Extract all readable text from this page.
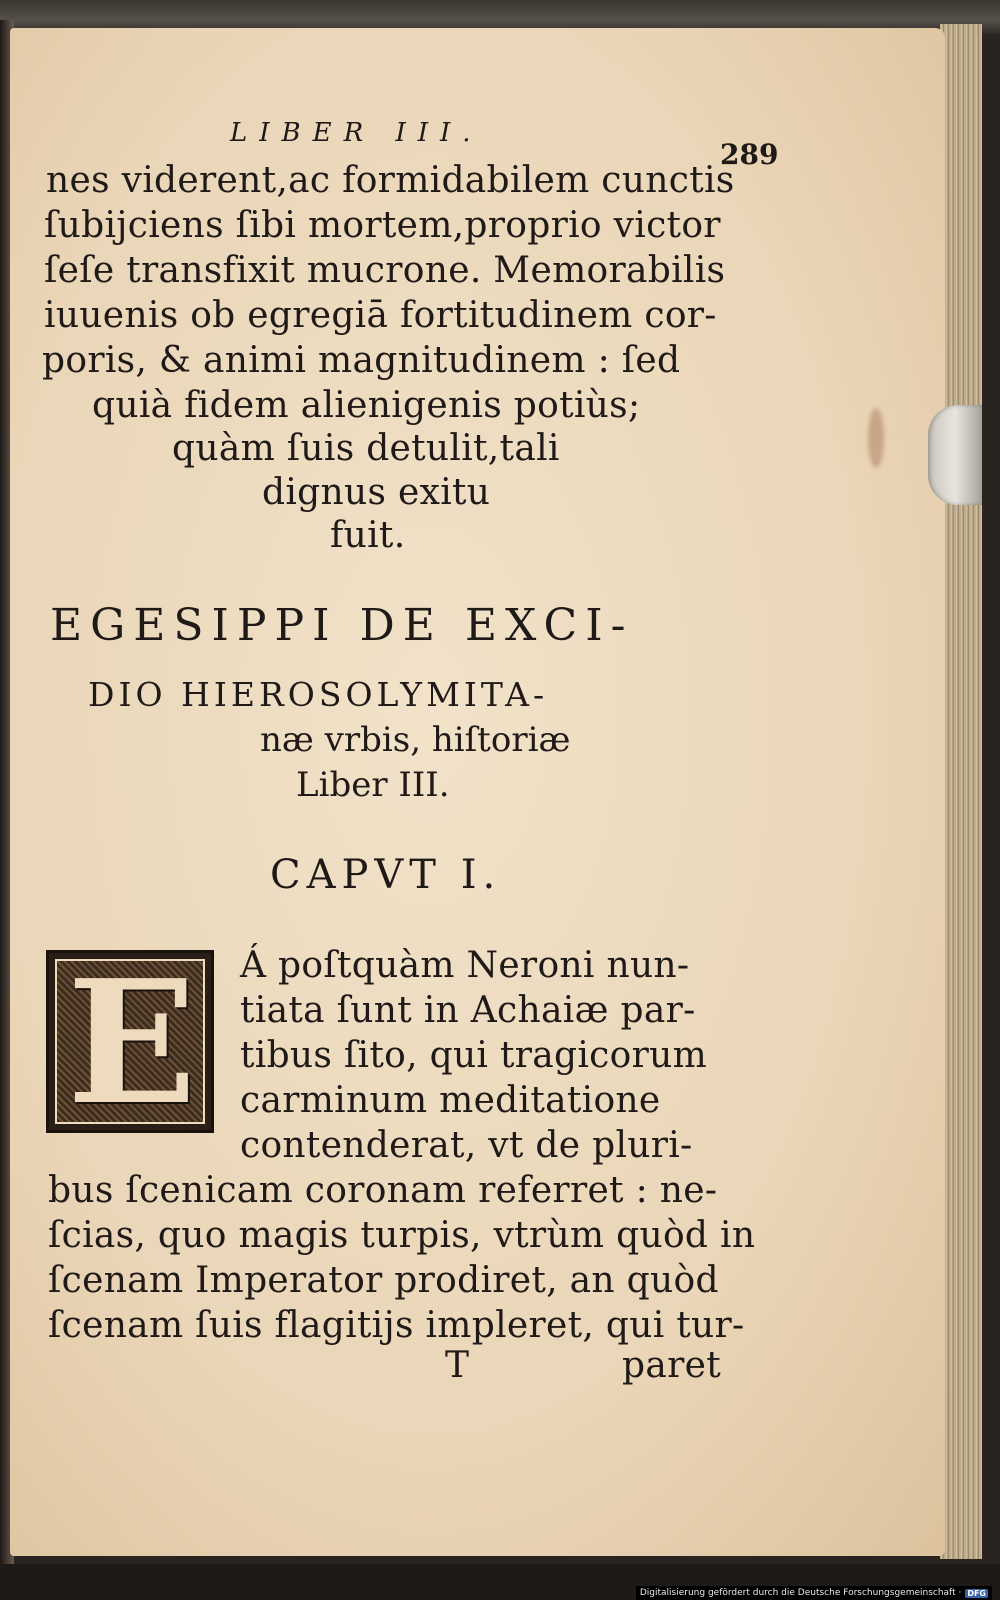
LIBER III.
289
nes viderent,ac formidabilem cunctis
ſubijciens ſibi mortem,proprio victor
ſeſe transfixit mucrone. Memorabilis
iuuenis ob egregiā fortitudinem cor-
poris, & animi magnitudinem : ſed
quià fidem alienigenis potiùs;
quàm ſuis detulit,tali
dignus exitu
fuit.
EGESIPPI DE EXCI-
DIO HIEROSOLYMITA-
næ vrbis, hiſtoriæ
Liber III.
CAPVT I.
E Á poſtquàm Neroni nun-
tiata ſunt in Achaiæ par-
tibus ſito, qui tragicorum
carminum meditatione
contenderat, vt de pluri-
bus ſcenicam coronam referret : ne-
ſcias, quo magis turpis, vtrùm quòd in
ſcenam Imperator prodiret, an quòd
ſcenam ſuis flagitijs impleret, qui tur-
T	paret
Digitalisierung gefördert durch die Deutsche Forschungsgemeinschaft · DFG
